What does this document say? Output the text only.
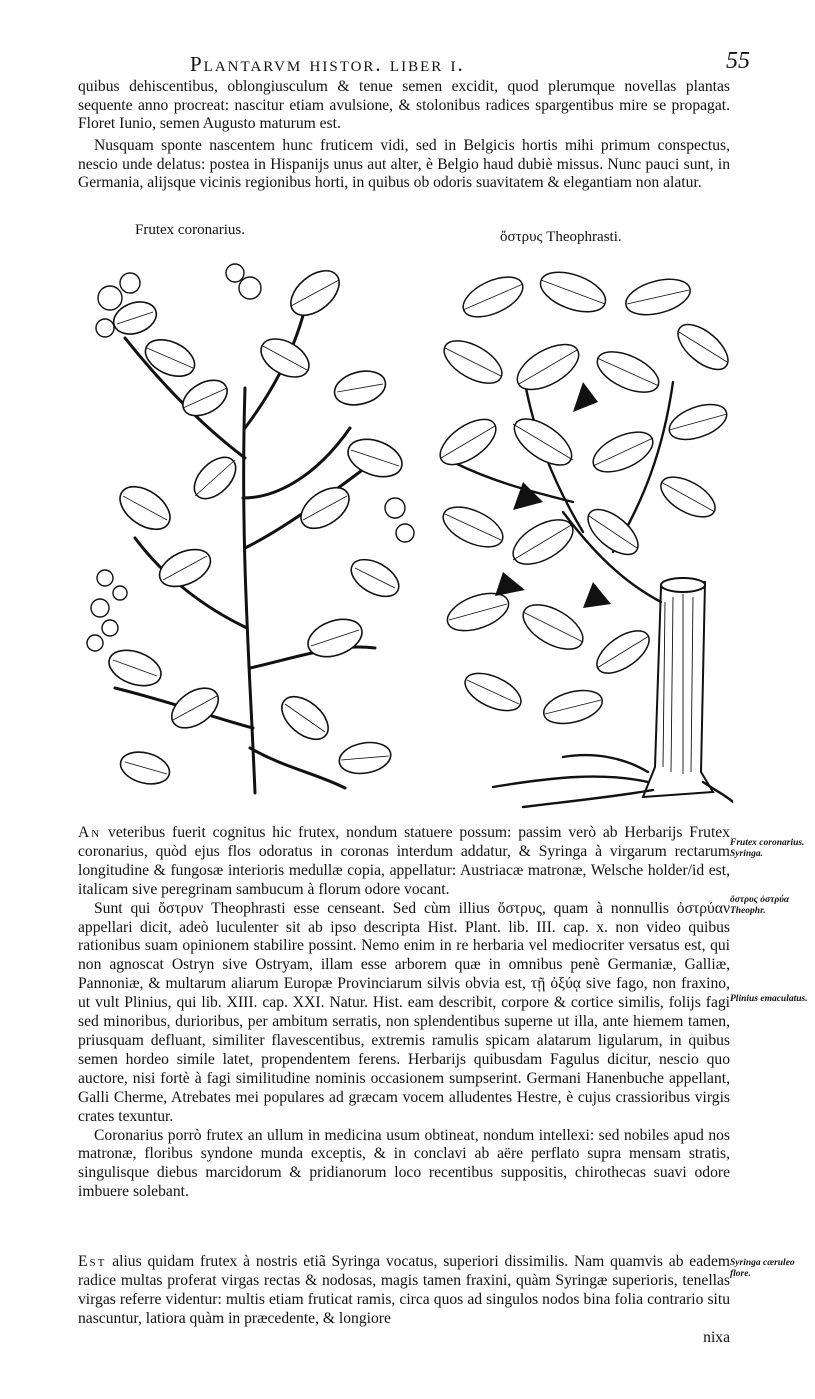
Plantarvm histor. liber i.	55

quibus dehiscentibus, oblongiusculum & tenue semen excidit, quod plerumque novellas plantas sequente anno procreat: nascitur etiam avulsione, & stolonibus radices spargentibus mire se propagat. Floret Iunio, semen Augusto maturum est.

Nusquam sponte nascentem hunc fruticem vidi, sed in Belgicis hortis mihi primum conspectus, nescio unde delatus: postea in Hispanijs unus aut alter, è Belgio haud dubiè missus. Nunc pauci sunt, in Germania, alijsque vicinis regionibus horti, in quibus ob odoris suavitatem & elegantiam non alatur.

Frutex coronarius.	ὄστρυς Theophrasti.

An veteribus fuerit cognitus hic frutex, nondum statuere possum: passim verò ab Herbarijs Frutex coronarius, quòd ejus flos odoratus in coronas interdum addatur, & Syringa à virgarum rectarum longitudine & fungosæ interioris medullæ copia, appellatur: Austriacæ matronæ, Welsche holder/id est, italicam sive peregrinam sambucum à florum odore vocant.

Sunt qui ὄστρυν Theophrasti esse censeant. Sed cùm illius ὄστρυς, quam à nonnullis ὀστρύαν appellari dicit, adeò luculenter sit ab ipso descripta Hist. Plant. lib. III. cap. x. non video quibus rationibus suam opinionem stabilire possint. Nemo enim in re herbaria vel mediocriter versatus est, qui non agnoscat Ostryn sive Ostryam, illam esse arborem quæ in omnibus penè Germaniæ, Galliæ, Pannoniæ, & multarum aliarum Europæ Provinciarum silvis obvia est, τῇ ὀξύᾳ sive fago, non fraxino, ut vult Plinius, qui lib. XIII. cap. XXI. Natur. Hist. eam describit, corpore & cortice similis, folijs fagi sed minoribus, durioribus, per ambitum serratis, non splendentibus superne ut illa, ante hiemem tamen, priusquam defluant, similiter flavescentibus, extremis ramulis spicam alatarum ligularum, in quibus semen hordeo simile latet, propendentem ferens. Herbarijs quibusdam Fagulus dicitur, nescio quo auctore, nisi fortè à fagi similitudine nominis occasionem sumpserint. Germani Hanenbuche appellant, Galli Cherme, Atrebates mei populares ad græcam vocem alludentes Hestre, è cujus crassioribus virgis crates texuntur.

Coronarius porrò frutex an ullum in medicina usum obtineat, nondum intellexi: sed nobiles apud nos matronæ, floribus syndone munda exceptis, & in conclavi ab aëre perflato supra mensam stratis, singulisque diebus marcidorum & pridianorum loco recentibus suppositis, chirothecas suavi odore imbuere solebant.

Est alius quidam frutex à nostris etiã Syringa vocatus, superiori dissimilis. Nam quamvis ab eadem radice multas proferat virgas rectas & nodosas, magis tamen fraxini, quàm Syringæ superioris, tenellas virgas referre videntur: multis etiam fruticat ramis, circa quos ad singulos nodos bina folia contrario situ nascuntur, latiora quàm in præcedente, & longiore

nixa

Frutex coronarius. Syringa.
ὄστρυς ὀστρύα Theophr.
Plinius emaculatus.
Syringa cæruleo flore.
